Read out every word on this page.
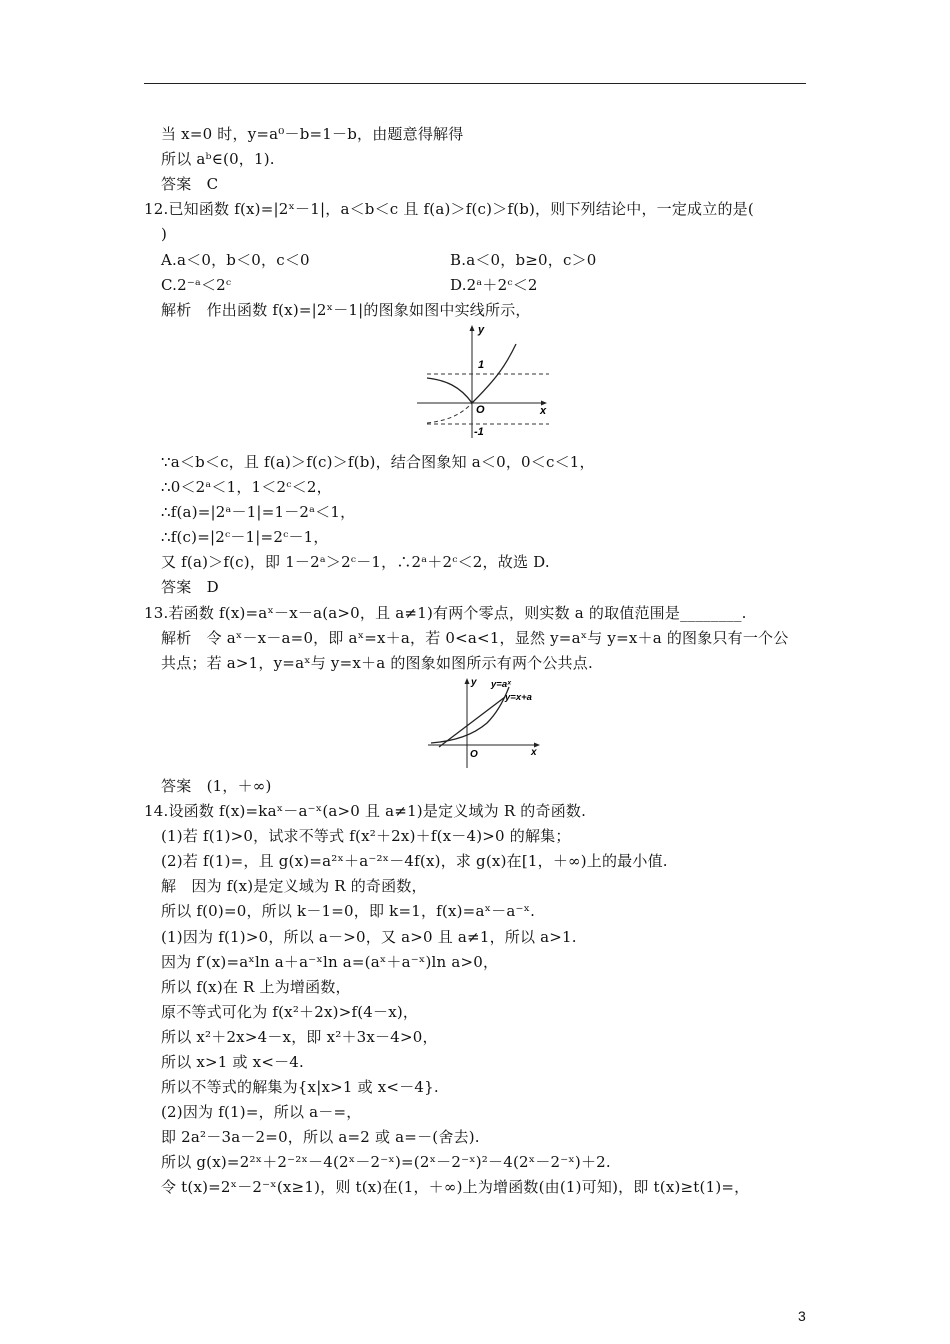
当 x=0 时，y=a⁰－b=1－b，由题意得解得
所以 aᵇ∈(0，1).
答案　C
12.已知函数 f(x)=|2ˣ－1|，a＜b＜c 且 f(a)＞f(c)＞f(b)，则下列结论中，一定成立的是(
)
A.a＜0，b＜0，c＜0	B.a＜0，b≥0，c＞0
C.2⁻ᵃ＜2ᶜ	D.2ᵃ＋2ᶜ＜2
解析　作出函数 f(x)=|2ˣ－1|的图象如图中实线所示，
y
x
O
1
-1
∵a＜b＜c，且 f(a)＞f(c)＞f(b)，结合图象知 a＜0，0＜c＜1，
∴0＜2ᵃ＜1，1＜2ᶜ＜2，
∴f(a)=|2ᵃ－1|=1－2ᵃ＜1，
∴f(c)=|2ᶜ－1|=2ᶜ－1，
又 f(a)＞f(c)，即 1－2ᵃ＞2ᶜ－1，∴2ᵃ＋2ᶜ＜2，故选 D.
答案　D
13.若函数 f(x)=aˣ－x－a(a>0，且 a≠1)有两个零点，则实数 a 的取值范围是________.
解析　令 aˣ－x－a=0，即 aˣ=x＋a，若 0<a<1，显然 y=aˣ与 y=x＋a 的图象只有一个公
共点；若 a>1，y=aˣ与 y=x＋a 的图象如图所示有两个公共点.
y
x
O
y=aˣ
y=x+a
答案　(1，＋∞)
14.设函数 f(x)=kaˣ－a⁻ˣ(a>0 且 a≠1)是定义域为 R 的奇函数.
(1)若 f(1)>0，试求不等式 f(x²＋2x)＋f(x－4)>0 的解集；
(2)若 f(1)=，且 g(x)=a²ˣ＋a⁻²ˣ－4f(x)，求 g(x)在[1，＋∞)上的最小值.
解　因为 f(x)是定义域为 R 的奇函数，
所以 f(0)=0，所以 k－1=0，即 k=1，f(x)=aˣ－a⁻ˣ.
(1)因为 f(1)>0，所以 a－>0，又 a>0 且 a≠1，所以 a>1.
因为 f′(x)=aˣln a＋a⁻ˣln a=(aˣ＋a⁻ˣ)ln a>0，
所以 f(x)在 R 上为增函数，
原不等式可化为 f(x²＋2x)>f(4－x)，
所以 x²＋2x>4－x，即 x²＋3x－4>0，
所以 x>1 或 x<－4.
所以不等式的解集为{x|x>1 或 x<－4}.
(2)因为 f(1)=，所以 a－=，
即 2a²－3a－2=0，所以 a=2 或 a=－(舍去).
所以 g(x)=2²ˣ＋2⁻²ˣ－4(2ˣ－2⁻ˣ)=(2ˣ－2⁻ˣ)²－4(2ˣ－2⁻ˣ)＋2.
令 t(x)=2ˣ－2⁻ˣ(x≥1)，则 t(x)在(1，＋∞)上为增函数(由(1)可知)，即 t(x)≥t(1)=，
3
